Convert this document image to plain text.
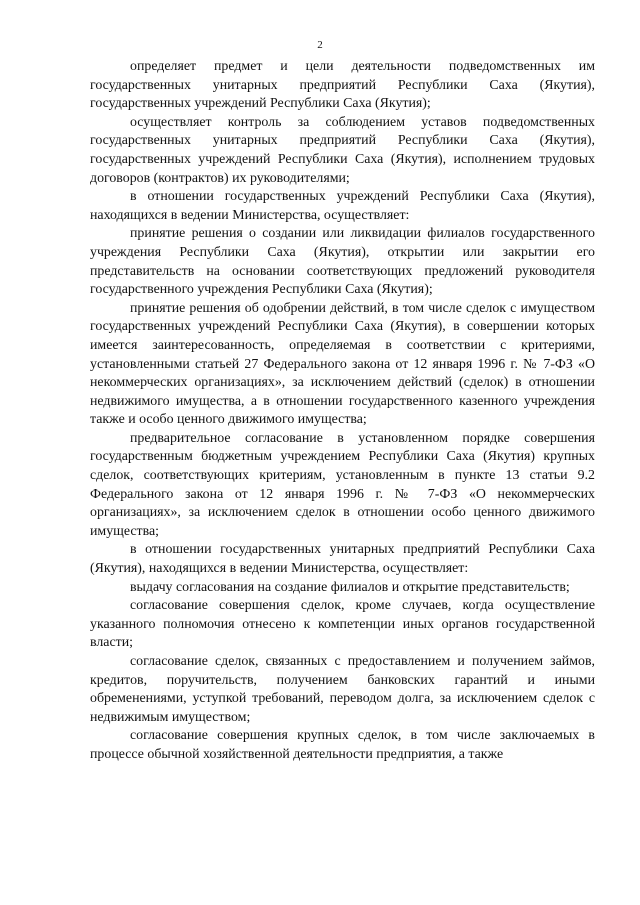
2

определяет предмет и цели деятельности подведомственных им государственных унитарных предприятий Республики Саха (Якутия), государственных учреждений Республики Саха (Якутия);

осуществляет контроль за соблюдением уставов подведомственных государственных унитарных предприятий Республики Саха (Якутия), государственных учреждений Республики Саха (Якутия), исполнением трудовых договоров (контрактов) их руководителями;

в отношении государственных учреждений Республики Саха (Якутия), находящихся в ведении Министерства, осуществляет:

принятие решения о создании или ликвидации филиалов государственного учреждения Республики Саха (Якутия), открытии или закрытии его представительств на основании соответствующих предложений руководителя государственного учреждения Республики Саха (Якутия);

принятие решения об одобрении действий, в том числе сделок с имуществом государственных учреждений Республики Саха (Якутия), в совершении которых имеется заинтересованность, определяемая в соответствии с критериями, установленными статьей 27 Федерального закона от 12 января 1996 г. № 7-ФЗ «О некоммерческих организациях», за исключением действий (сделок) в отношении недвижимого имущества, а в отношении государственного казенного учреждения также и особо ценного движимого имущества;

предварительное согласование в установленном порядке совершения государственным бюджетным учреждением Республики Саха (Якутия) крупных сделок, соответствующих критериям, установленным в пункте 13 статьи 9.2 Федерального закона от 12 января 1996 г. № 7-ФЗ «О некоммерческих организациях», за исключением сделок в отношении особо ценного движимого имущества;

в отношении государственных унитарных предприятий Республики Саха (Якутия), находящихся в ведении Министерства, осуществляет:

выдачу согласования на создание филиалов и открытие представительств;

согласование совершения сделок, кроме случаев, когда осуществление указанного полномочия отнесено к компетенции иных органов государственной власти;

согласование сделок, связанных с предоставлением и получением займов, кредитов, поручительств, получением банковских гарантий и иными обременениями, уступкой требований, переводом долга, за исключением сделок с недвижимым имуществом;

согласование совершения крупных сделок, в том числе заключаемых в процессе обычной хозяйственной деятельности предприятия, а также
